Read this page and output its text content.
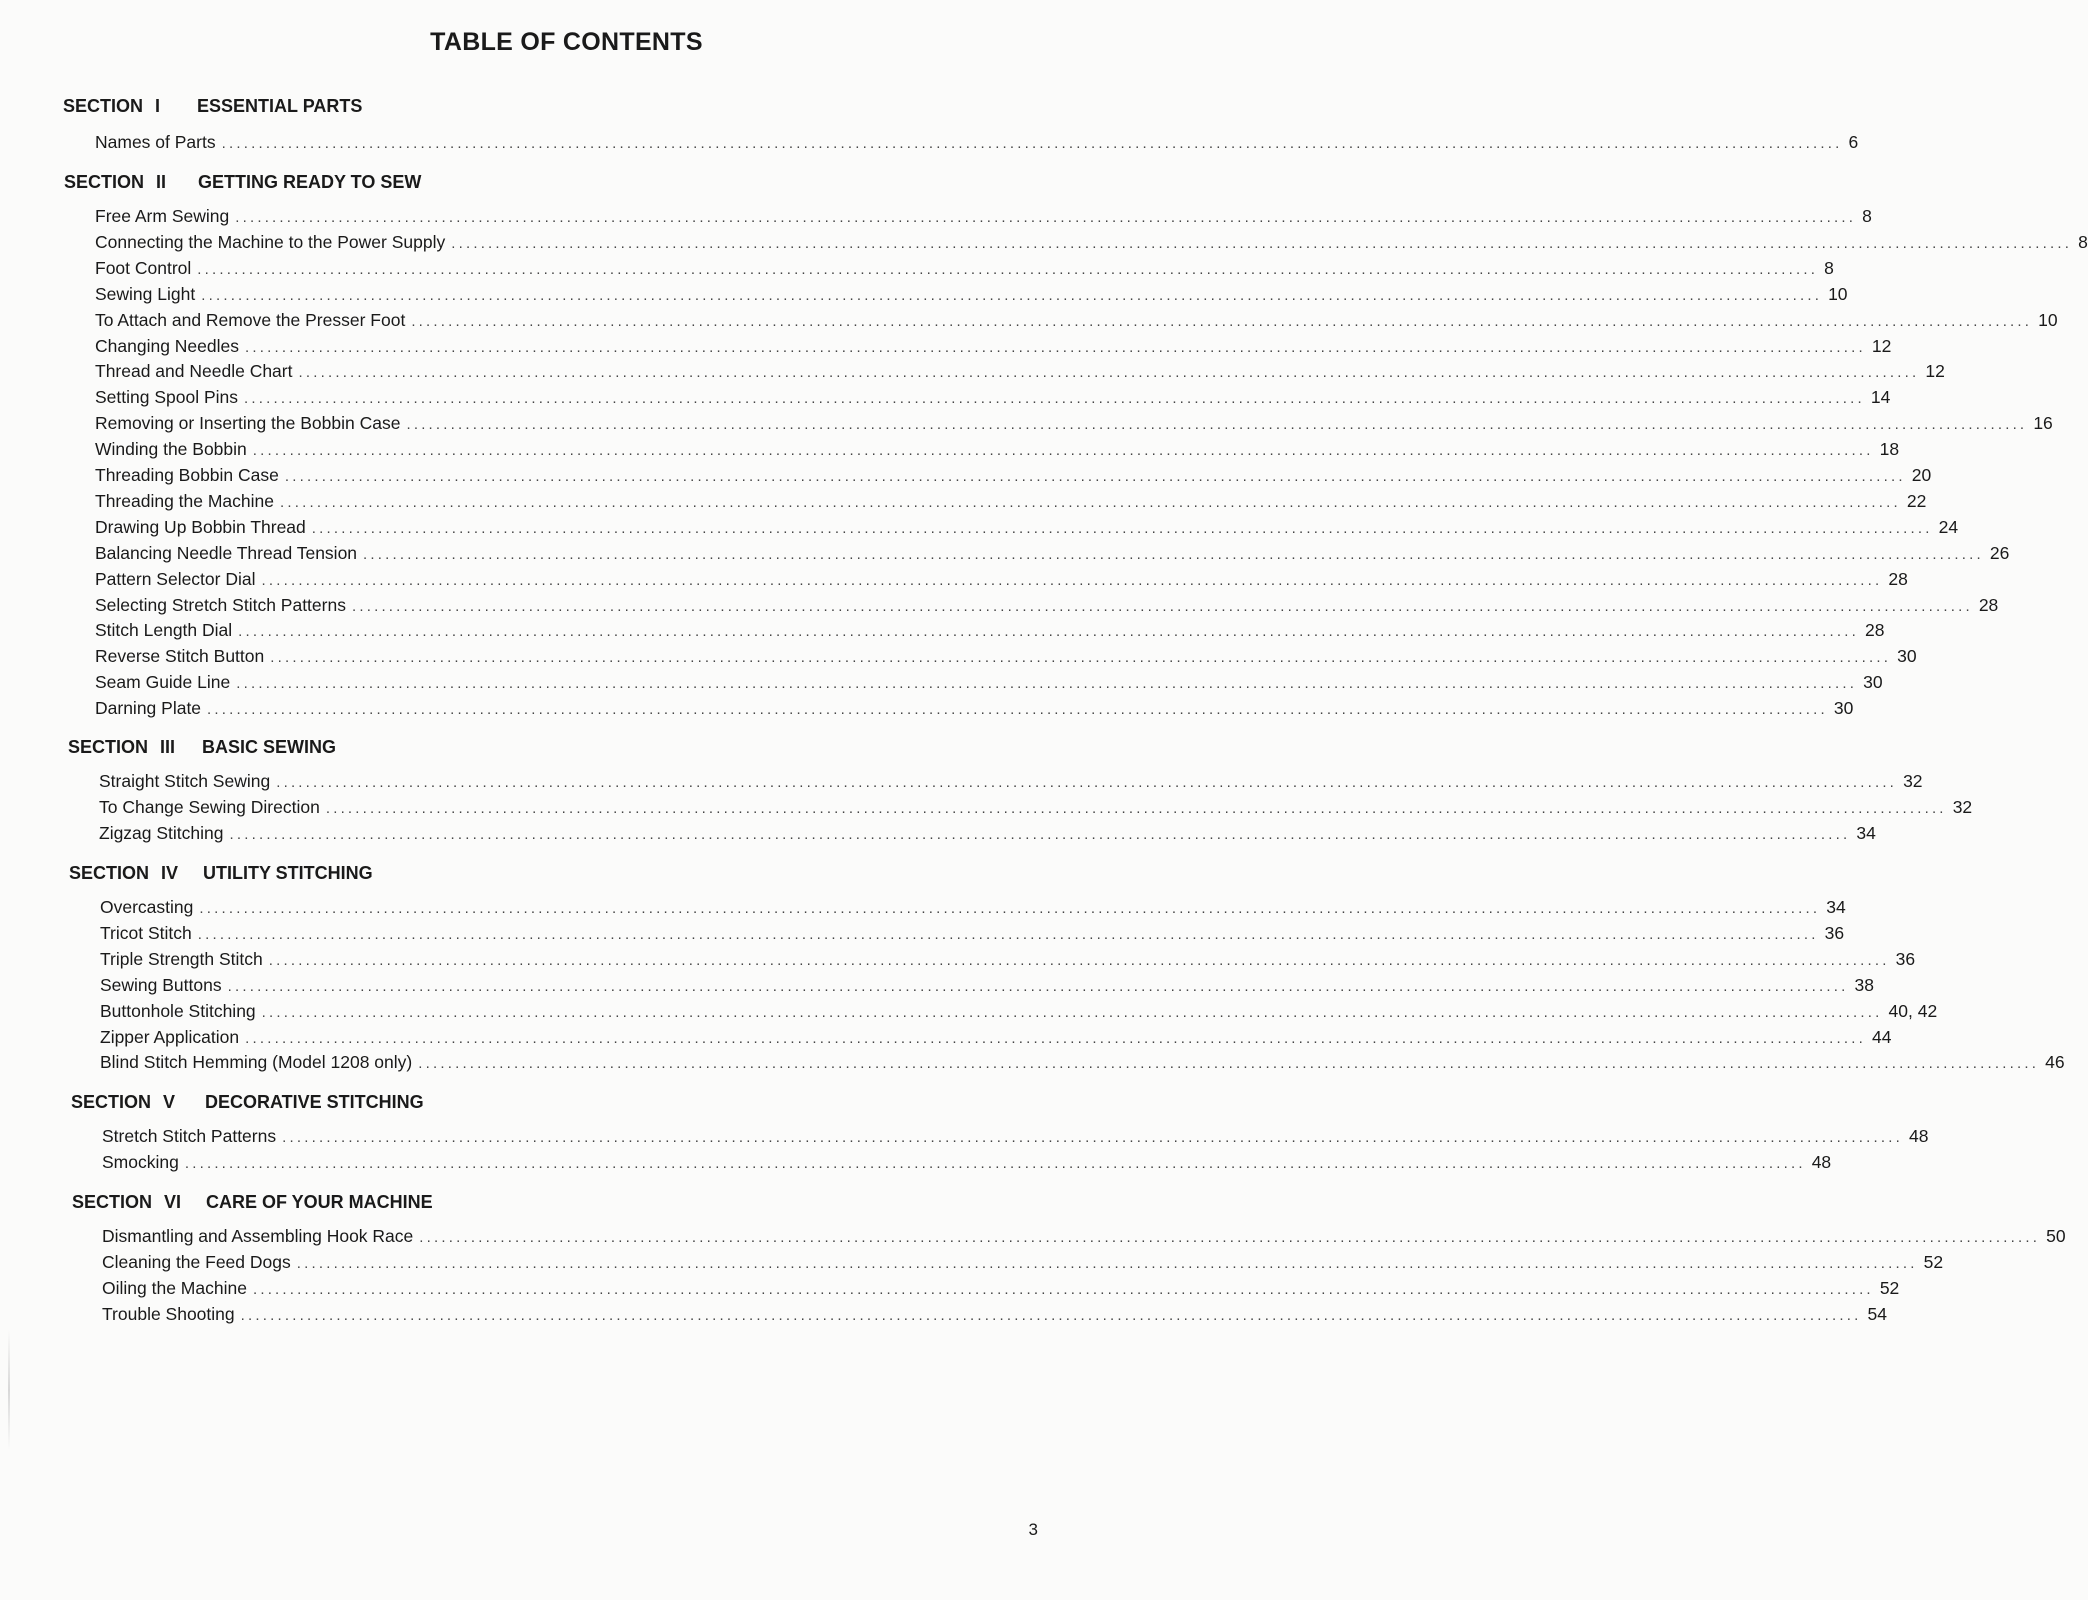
TABLE OF CONTENTS
SECTION I ESSENTIAL PARTS
Names of Parts ............................................................................................................................................................................................................................ 6
SECTION II GETTING READY TO SEW
Free Arm Sewing ............................................................................................................................................................................................................................ 8
Connecting the Machine to the Power Supply ............................................................................................................................................................................................................................ 8
Foot Control ............................................................................................................................................................................................................................ 8
Sewing Light ............................................................................................................................................................................................................................ 10
To Attach and Remove the Presser Foot ............................................................................................................................................................................................................................ 10
Changing Needles ............................................................................................................................................................................................................................ 12
Thread and Needle Chart ............................................................................................................................................................................................................................ 12
Setting Spool Pins ............................................................................................................................................................................................................................ 14
Removing or Inserting the Bobbin Case ............................................................................................................................................................................................................................ 16
Winding the Bobbin ............................................................................................................................................................................................................................ 18
Threading Bobbin Case ............................................................................................................................................................................................................................ 20
Threading the Machine ............................................................................................................................................................................................................................ 22
Drawing Up Bobbin Thread ............................................................................................................................................................................................................................ 24
Balancing Needle Thread Tension ............................................................................................................................................................................................................................ 26
Pattern Selector Dial ............................................................................................................................................................................................................................ 28
Selecting Stretch Stitch Patterns ............................................................................................................................................................................................................................ 28
Stitch Length Dial ............................................................................................................................................................................................................................ 28
Reverse Stitch Button ............................................................................................................................................................................................................................ 30
Seam Guide Line ............................................................................................................................................................................................................................ 30
Darning Plate ............................................................................................................................................................................................................................ 30
SECTION III BASIC SEWING
Straight Stitch Sewing ............................................................................................................................................................................................................................ 32
To Change Sewing Direction ............................................................................................................................................................................................................................ 32
Zigzag Stitching ............................................................................................................................................................................................................................ 34
SECTION IV UTILITY STITCHING
Overcasting ............................................................................................................................................................................................................................ 34
Tricot Stitch ............................................................................................................................................................................................................................ 36
Triple Strength Stitch ............................................................................................................................................................................................................................ 36
Sewing Buttons ............................................................................................................................................................................................................................ 38
Buttonhole Stitching ............................................................................................................................................................................................................................ 40, 42
Zipper Application ............................................................................................................................................................................................................................ 44
Blind Stitch Hemming (Model 1208 only) ............................................................................................................................................................................................................................ 46
SECTION V DECORATIVE STITCHING
Stretch Stitch Patterns ............................................................................................................................................................................................................................ 48
Smocking ............................................................................................................................................................................................................................ 48
SECTION VI CARE OF YOUR MACHINE
Dismantling and Assembling Hook Race ............................................................................................................................................................................................................................ 50
Cleaning the Feed Dogs ............................................................................................................................................................................................................................ 52
Oiling the Machine ............................................................................................................................................................................................................................ 52
Trouble Shooting ............................................................................................................................................................................................................................ 54
3
